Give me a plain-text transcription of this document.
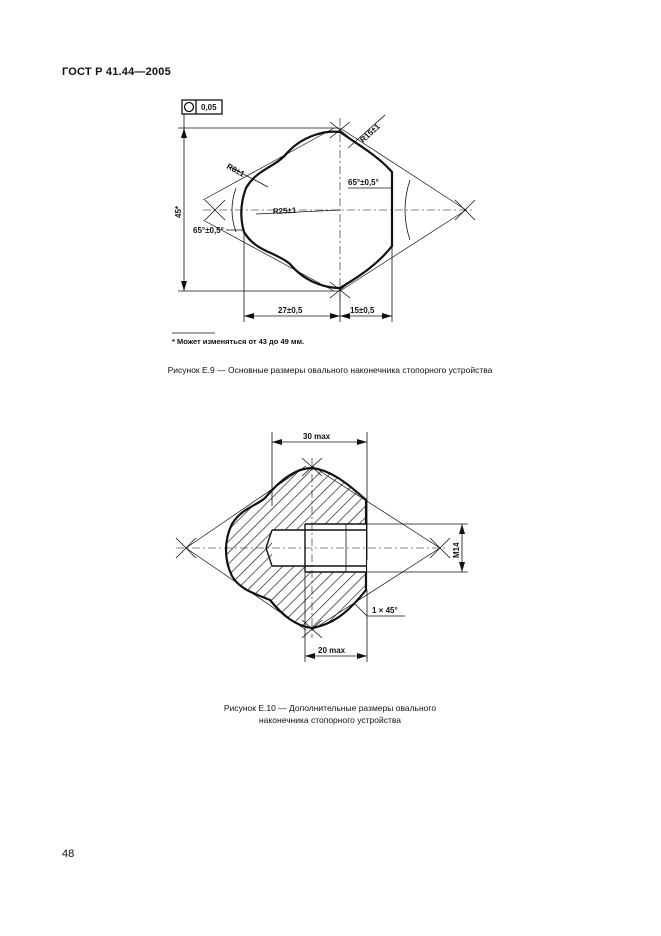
ГОСТ Р 41.44—2005
0,05
R15±1
R8±1
65°±0,5°
R25±1
65°±0,5°
45*
27±0,5	15±0,5
* Может изменяться от 43 до 49 мм.
30 max
M14
1 × 45°
20 max
Рисунок Е.9 — Основные размеры овального наконечника стопорного устройства
Рисунок Е.10 — Дополнительные размеры овального
наконечника стопорного устройства
48
